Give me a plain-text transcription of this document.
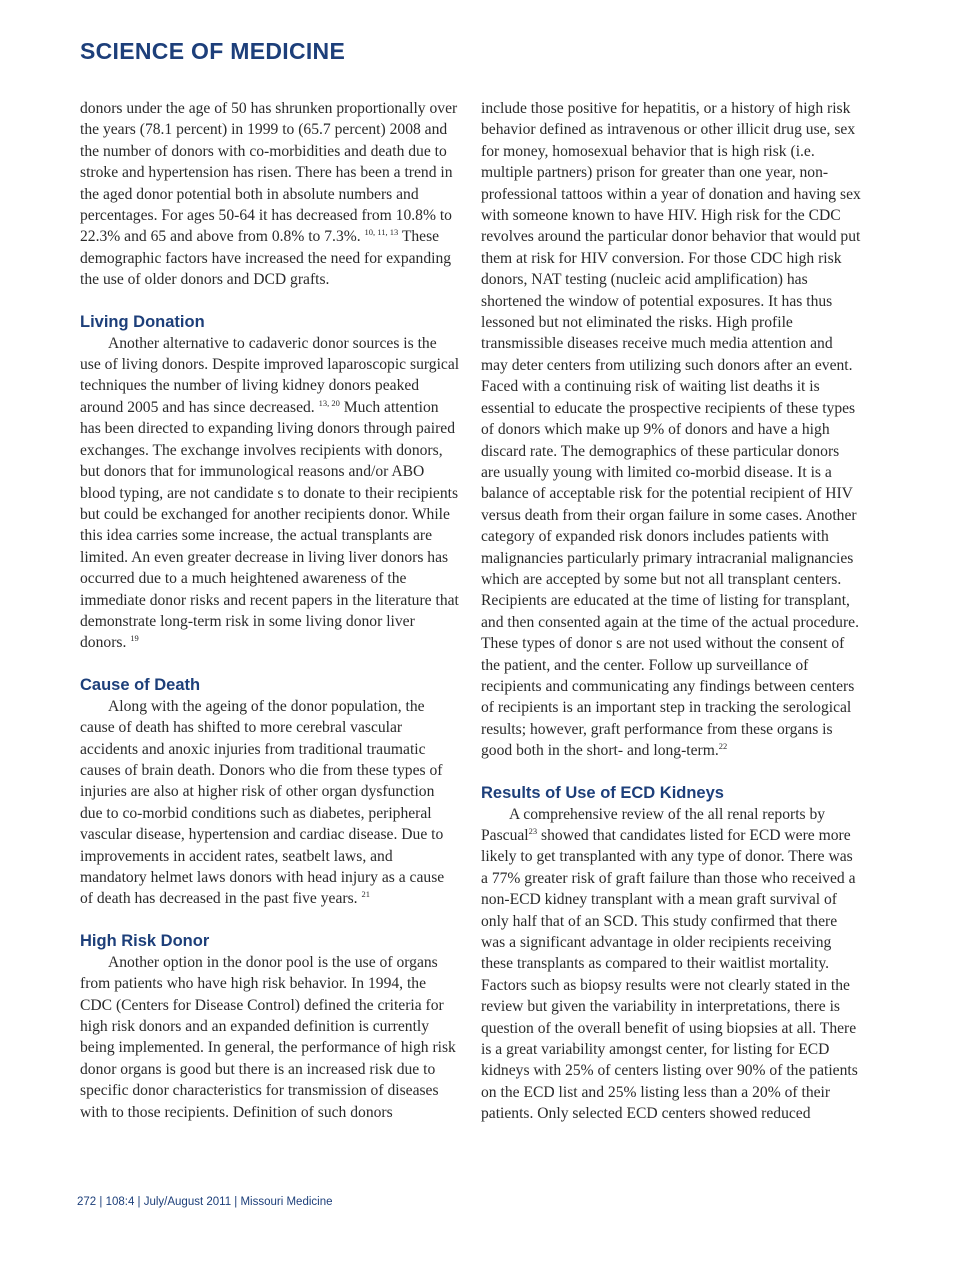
SCIENCE OF MEDICINE

donors under the age of 50 has shrunken proportionally over the years (78.1 percent) in 1999 to (65.7 percent) 2008 and the number of donors with co-morbidities and death due to stroke and hypertension has risen. There has been a trend in the aged donor potential both in absolute numbers and percentages. For ages 50-64 it has decreased from 10.8% to 22.3% and 65 and above from 0.8% to 7.3%. $^{10, 11, 13}$ These demographic factors have increased the need for expanding the use of older donors and DCD grafts.

Living Donation

Another alternative to cadaveric donor sources is the use of living donors. Despite improved laparoscopic surgical techniques the number of living kidney donors peaked around 2005 and has since decreased. $^{13, 20}$ Much attention has been directed to expanding living donors through paired exchanges. The exchange involves recipients with donors, but donors that for immunological reasons and/or ABO blood typing, are not candidate s to donate to their recipients but could be exchanged for another recipients donor. While this idea carries some increase, the actual transplants are limited. An even greater decrease in living liver donors has occurred due to a much heightened awareness of the immediate donor risks and recent papers in the literature that demonstrate long-term risk in some living donor liver donors. $^{19}$

Cause of Death

Along with the ageing of the donor population, the cause of death has shifted to more cerebral vascular accidents and anoxic injuries from traditional traumatic causes of brain death. Donors who die from these types of injuries are also at higher risk of other organ dysfunction due to co-morbid conditions such as diabetes, peripheral vascular disease, hypertension and cardiac disease. Due to improvements in accident rates, seatbelt laws, and mandatory helmet laws donors with head injury as a cause of death has decreased in the past five years. $^{21}$

High Risk Donor

Another option in the donor pool is the use of organs from patients who have high risk behavior. In 1994, the CDC (Centers for Disease Control) defined the criteria for high risk donors and an expanded definition is currently being implemented. In general, the performance of high risk donor organs is good but there is an increased risk due to specific donor characteristics for transmission of diseases with to those recipients. Definition of such donors

include those positive for hepatitis, or a history of high risk behavior defined as intravenous or other illicit drug use, sex for money, homosexual behavior that is high risk (i.e. multiple partners) prison for greater than one year, non-professional tattoos within a year of donation and having sex with someone known to have HIV. High risk for the CDC revolves around the particular donor behavior that would put them at risk for HIV conversion. For those CDC high risk donors, NAT testing (nucleic acid amplification) has shortened the window of potential exposures. It has thus lessoned but not eliminated the risks. High profile transmissible diseases receive much media attention and may deter centers from utilizing such donors after an event. Faced with a continuing risk of waiting list deaths it is essential to educate the prospective recipients of these types of donors which make up 9% of donors and have a high discard rate. The demographics of these particular donors are usually young with limited co-morbid disease. It is a balance of acceptable risk for the potential recipient of HIV versus death from their organ failure in some cases. Another category of expanded risk donors includes patients with malignancies particularly primary intracranial malignancies which are accepted by some but not all transplant centers. Recipients are educated at the time of listing for transplant, and then consented again at the time of the actual procedure. These types of donor s are not used without the consent of the patient, and the center. Follow up surveillance of recipients and communicating any findings between centers of recipients is an important step in tracking the serological results; however, graft performance from these organs is good both in the short- and long-term.$^{22}$

Results of Use of ECD Kidneys

A comprehensive review of the all renal reports by Pascual$^{23}$ showed that candidates listed for ECD were more likely to get transplanted with any type of donor. There was a 77% greater risk of graft failure than those who received a non-ECD kidney transplant with a mean graft survival of only half that of an SCD. This study confirmed that there was a significant advantage in older recipients receiving these transplants as compared to their waitlist mortality. Factors such as biopsy results were not clearly stated in the review but given the variability in interpretations, there is question of the overall benefit of using biopsies at all. There is a great variability amongst center, for listing for ECD kidneys with 25% of centers listing over 90% of the patients on the ECD list and 25% listing less than a 20% of their patients. Only selected ECD centers showed reduced

272 | 108:4 | July/August 2011 | Missouri Medicine
